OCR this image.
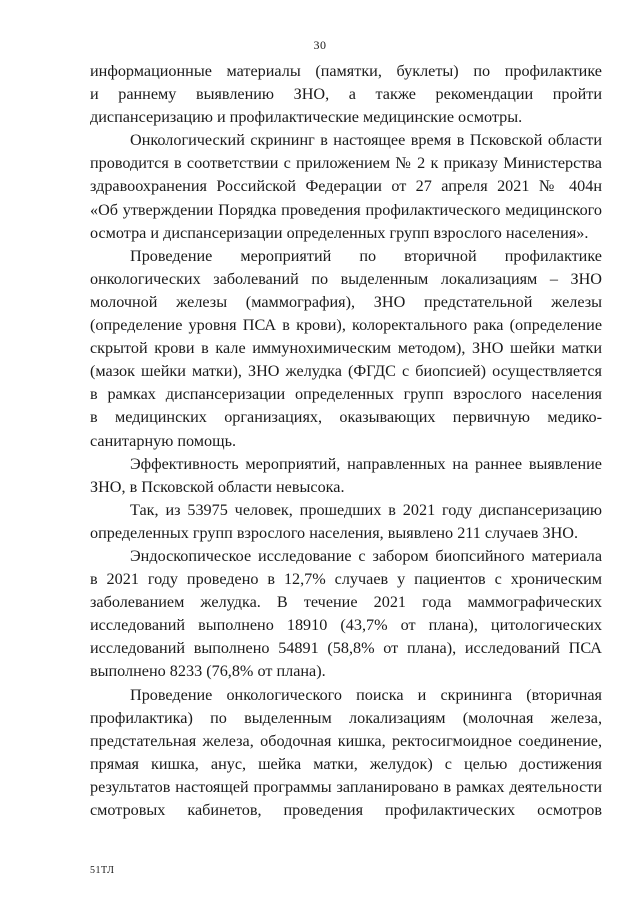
30
информационные материалы (памятки, буклеты) по профилактике
и раннему выявлению ЗНО, а также рекомендации пройти
диспансеризацию и профилактические медицинские осмотры.
Онкологический скрининг в настоящее время в Псковской области
проводится в соответствии с приложением № 2 к приказу Министерства
здравоохранения Российской Федерации от 27 апреля 2021 № 404н
«Об утверждении Порядка проведения профилактического медицинского
осмотра и диспансеризации определенных групп взрослого населения».
Проведение мероприятий по вторичной профилактике
онкологических заболеваний по выделенным локализациям – ЗНО
молочной железы (маммография), ЗНО предстательной железы
(определение уровня ПСА в крови), колоректального рака (определение
скрытой крови в кале иммунохимическим методом), ЗНО шейки матки
(мазок шейки матки), ЗНО желудка (ФГДС с биопсией) осуществляется
в рамках диспансеризации определенных групп взрослого населения
в медицинских организациях, оказывающих первичную медико-
санитарную помощь.
Эффективность мероприятий, направленных на раннее выявление
ЗНО, в Псковской области невысока.
Так, из 53975 человек, прошедших в 2021 году диспансеризацию
определенных групп взрослого населения, выявлено 211 случаев ЗНО.
Эндоскопическое исследование с забором биопсийного материала
в 2021 году проведено в 12,7% случаев у пациентов с хроническим
заболеванием желудка. В течение 2021 года маммографических
исследований выполнено 18910 (43,7% от плана), цитологических
исследований выполнено 54891 (58,8% от плана), исследований ПСА
выполнено 8233 (76,8% от плана).
Проведение онкологического поиска и скрининга (вторичная
профилактика) по выделенным локализациям (молочная железа,
предстательная железа, ободочная кишка, ректосигмоидное соединение,
прямая кишка, анус, шейка матки, желудок) с целью достижения
результатов настоящей программы запланировано в рамках деятельности
смотровых кабинетов, проведения профилактических осмотров
51ТЛ
